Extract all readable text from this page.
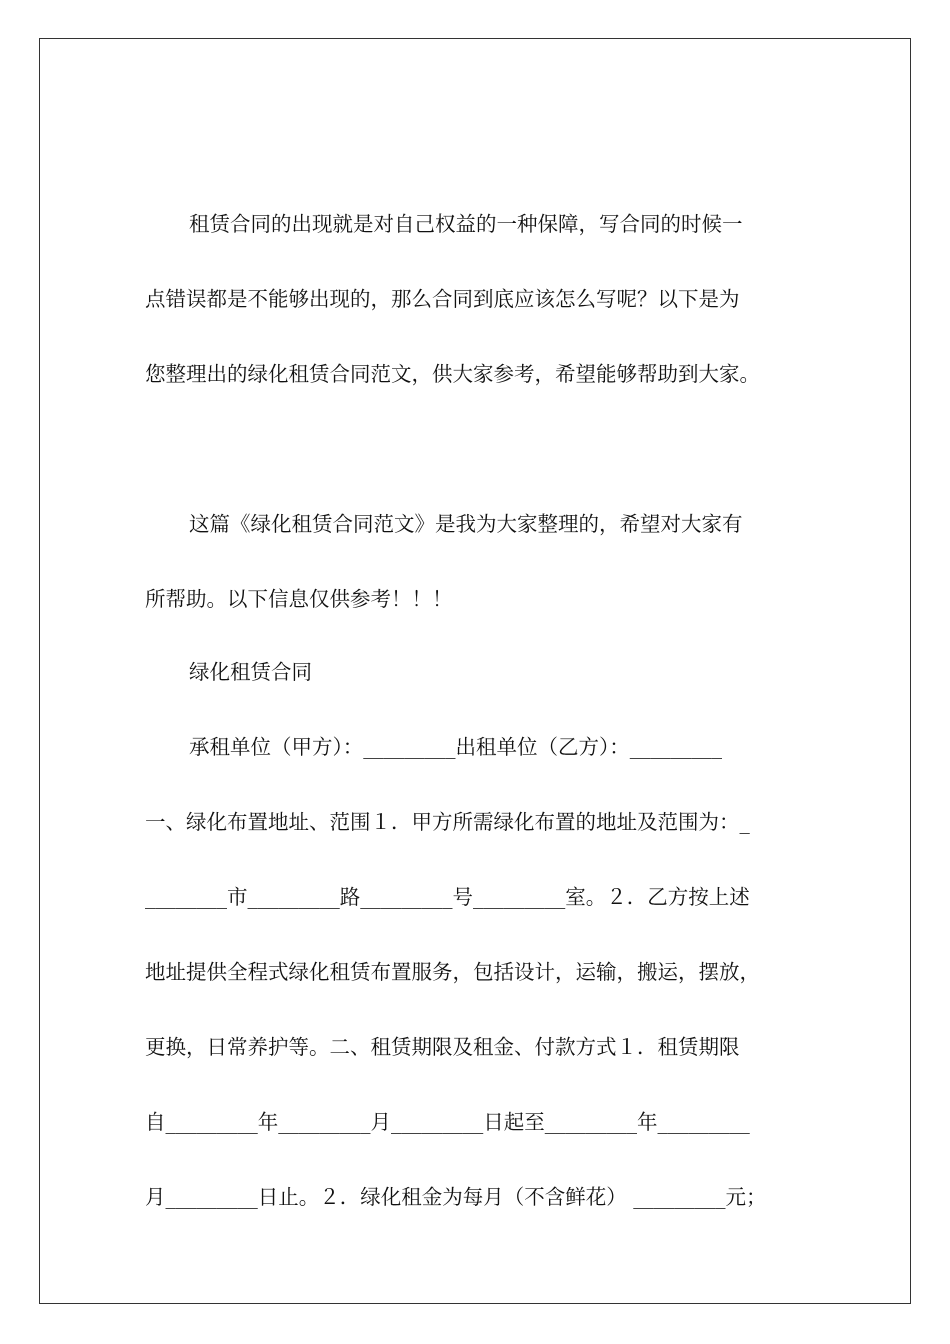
租赁合同的出现就是对自己权益的一种保障，写合同的时候一
点错误都是不能够出现的，那么合同到底应该怎么写呢？以下是为
您整理出的绿化租赁合同范文，供大家参考，希望能够帮助到大家。
这篇《绿化租赁合同范文》是我为大家整理的，希望对大家有
所帮助。以下信息仅供参考！！！
绿化租赁合同
承租单位（甲方）：_________出租单位（乙方）：_________
一、绿化布置地址、范围１．甲方所需绿化布置的地址及范围为：_
________市_________路_________号_________室。２．乙方按上述
地址提供全程式绿化租赁布置服务，包括设计，运输，搬运，摆放，
更换，日常养护等。二、租赁期限及租金、付款方式１．租赁期限
自_________年_________月_________日起至_________年_________
月_________日止。２．绿化租金为每月（不含鲜花） _________元；
